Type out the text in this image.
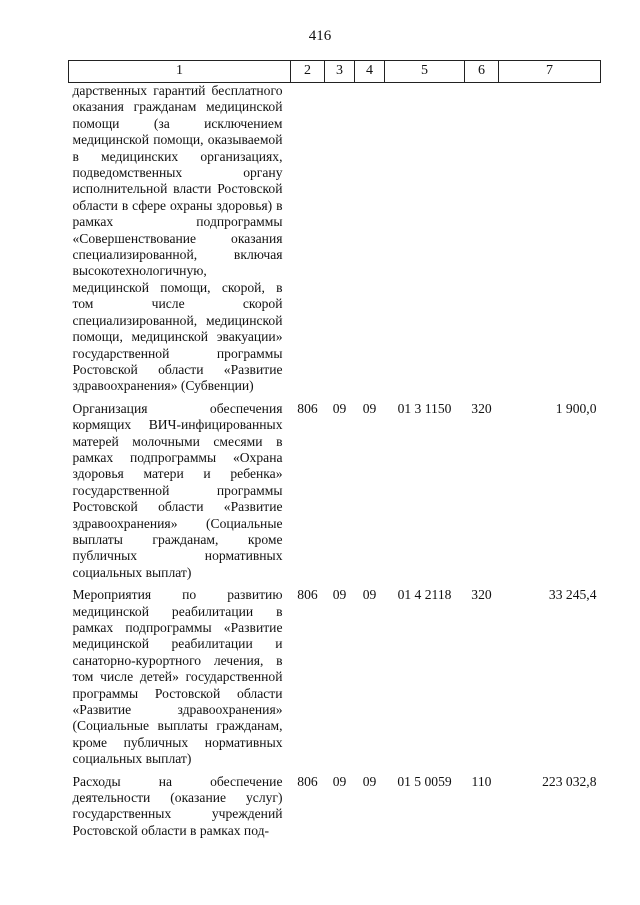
416
1	2	3	4	5	6	7

дарственных гарантий бесплатного оказания гражданам медицинской помощи (за исключением медицинской помощи, оказываемой в медицинских организациях, подведомственных органу исполнительной власти Ростовской области в сфере охраны здоровья) в рамках подпрограммы «Совершенствование оказания специализированной, включая высокотехнологичную, медицинской помощи, скорой, в том числе скорой специализированной, медицинской помощи, медицинской эвакуации» государственной программы Ростовской области «Развитие здравоохранения» (Субвенции)						

Организация обеспечения кормящих ВИЧ-инфицированных матерей молочными смесями в рамках подпрограммы «Охрана здоровья матери и ребенка» государственной программы Ростовской области «Развитие здравоохранения» (Социальные выплаты гражданам, кроме публичных нормативных социальных выплат)	806	09	09	01 3 1150	320	1 900,0

Мероприятия по развитию медицинской реабилитации в рамках подпрограммы «Развитие медицинской реабилитации и санаторно-курортного лечения, в том числе детей» государственной программы Ростовской области «Развитие здравоохранения» (Социальные выплаты гражданам, кроме публичных нормативных социальных выплат)	806	09	09	01 4 2118	320	33 245,4

Расходы на обеспечение деятельности (оказание услуг) государственных учреждений Ростовской области в рамках под-	806	09	09	01 5 0059	110	223 032,8
